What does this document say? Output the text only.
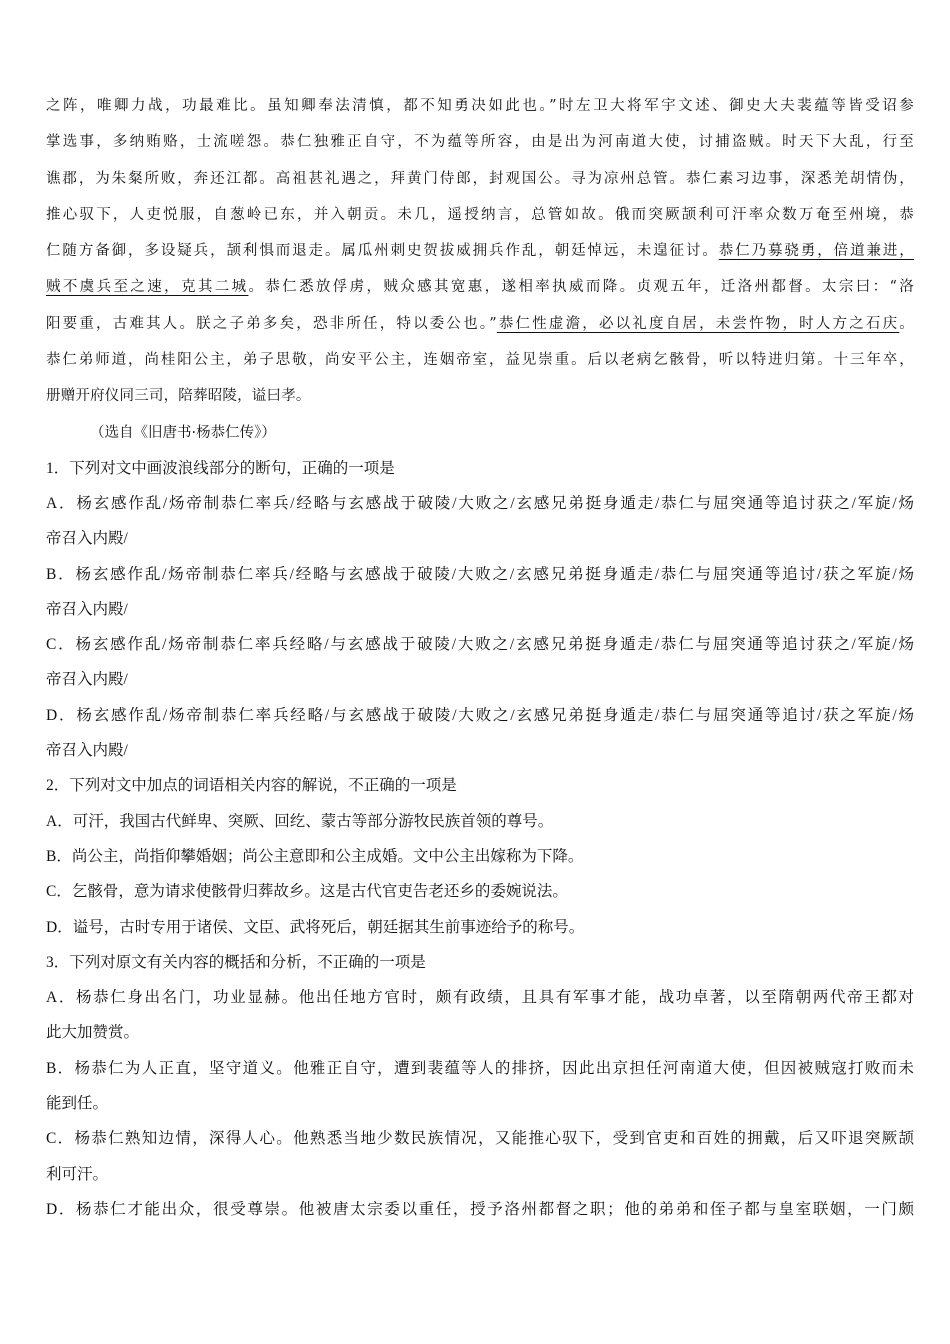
之阵，唯卿力战，功最难比。虽知卿奉法清慎，都不知勇决如此也。”时左卫大将军宇文述、御史大夫裴蕴等皆受诏参
掌选事，多纳贿赂，士流嗟怨。恭仁独雅正自守，不为蕴等所容，由是出为河南道大使，讨捕盗贼。时天下大乱，行至
谯郡，为朱粲所败，奔还江都。高祖甚礼遇之，拜黄门侍郎，封观国公。寻为凉州总管。恭仁素习边事，深悉羌胡情伪，
推心驭下，人吏悦服，自葱岭已东，并入朝贡。未几，遥授纳言，总管如故。俄而突厥颉利可汗率众数万奄至州境，恭
仁随方备御，多设疑兵，颉利惧而退走。属瓜州刺史贺拔威拥兵作乱，朝廷悼远，未遑征讨。恭仁乃募骁勇，倍道兼进，
贼不虞兵至之速，克其二城。恭仁悉放俘虏，贼众感其宽惠，遂相率执威而降。贞观五年，迁洛州都督。太宗曰：“洛
阳要重，古难其人。朕之子弟多矣，恐非所任，特以委公也。”恭仁性虚澹，必以礼度自居，未尝忤物，时人方之石庆。
恭仁弟师道，尚桂阳公主，弟子思敬，尚安平公主，连姻帝室，益见崇重。后以老病乞骸骨，听以特进归第。十三年卒，
册赠开府仪同三司，陪葬昭陵，谥曰孝。
（选自《旧唐书·杨恭仁传》）
1．下列对文中画波浪线部分的断句，正确的一项是
A．杨玄感作乱/炀帝制恭仁率兵/经略与玄感战于破陵/大败之/玄感兄弟挺身遁走/恭仁与屈突通等追讨获之/军旋/炀
帝召入内殿/
B．杨玄感作乱/炀帝制恭仁率兵/经略与玄感战于破陵/大败之/玄感兄弟挺身遁走/恭仁与屈突通等追讨/获之军旋/炀
帝召入内殿/
C．杨玄感作乱/炀帝制恭仁率兵经略/与玄感战于破陵/大败之/玄感兄弟挺身遁走/恭仁与屈突通等追讨获之/军旋/炀
帝召入内殿/
D．杨玄感作乱/炀帝制恭仁率兵经略/与玄感战于破陵/大败之/玄感兄弟挺身遁走/恭仁与屈突通等追讨/获之军旋/炀
帝召入内殿/
2．下列对文中加点的词语相关内容的解说，不正确的一项是
A．可汗，我国古代鲜卑、突厥、回纥、蒙古等部分游牧民族首领的尊号。
B．尚公主，尚指仰攀婚姻；尚公主意即和公主成婚。文中公主出嫁称为下降。
C．乞骸骨，意为请求使骸骨归葬故乡。这是古代官吏告老还乡的委婉说法。
D．谥号，古时专用于诸侯、文臣、武将死后，朝廷据其生前事迹给予的称号。
3．下列对原文有关内容的概括和分析，不正确的一项是
A．杨恭仁身出名门，功业显赫。他出任地方官时，颇有政绩，且具有军事才能，战功卓著，以至隋朝两代帝王都对
此大加赞赏。
B．杨恭仁为人正直，坚守道义。他雅正自守，遭到裴蕴等人的排挤，因此出京担任河南道大使，但因被贼寇打败而未
能到任。
C．杨恭仁熟知边情，深得人心。他熟悉当地少数民族情况，又能推心驭下，受到官吏和百姓的拥戴，后又吓退突厥颉
利可汗。
D．杨恭仁才能出众，很受尊崇。他被唐太宗委以重任，授予洛州都督之职；他的弟弟和侄子都与皇室联姻，一门颇
